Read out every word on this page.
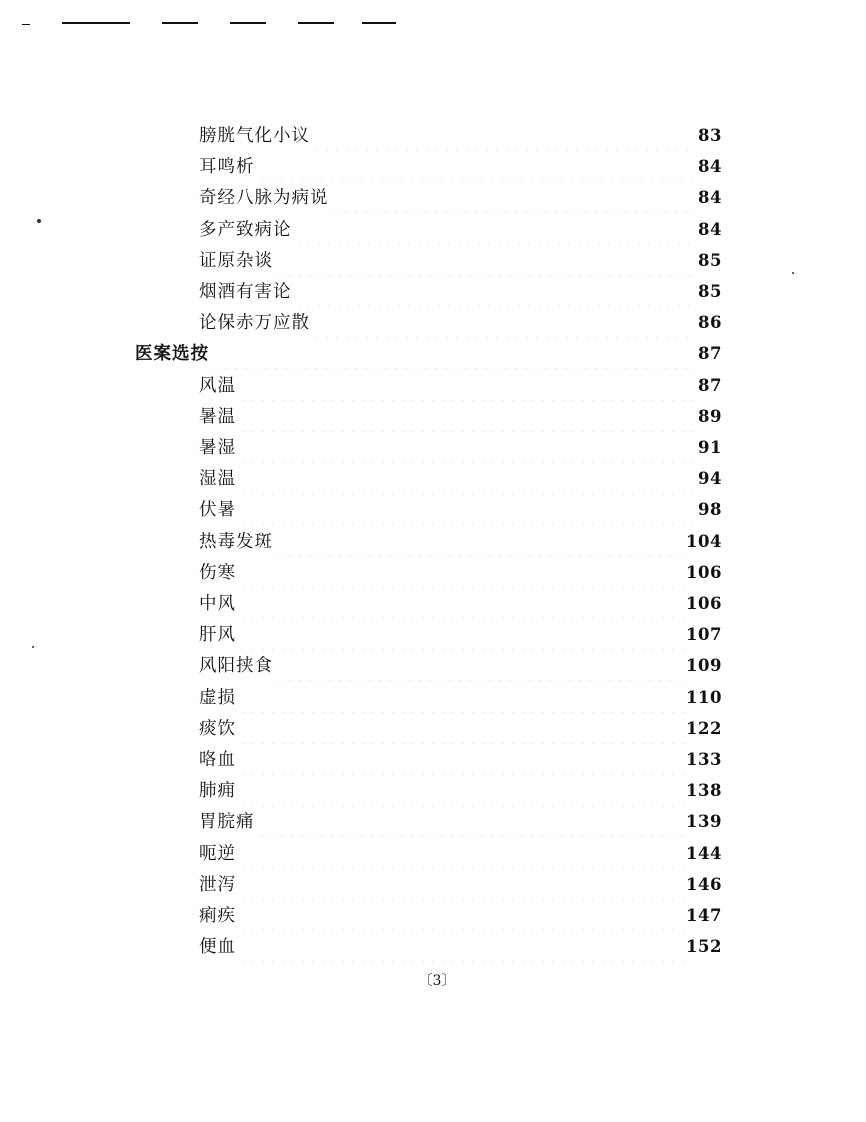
膀胱气化小议	83
耳鸣析	84
奇经八脉为病说	84
多产致病论	84
证原杂谈	85
烟酒有害论	85
论保赤万应散	86
医案选按	87
风温	87
暑温	89
暑湿	91
湿温	94
伏暑	98
热毒发斑	104
伤寒	106
中风	106
肝风	107
风阳挟食	109
虚损	110
痰饮	122
咯血	133
肺痈	138
胃脘痛	139
呃逆	144
泄泻	146
痢疾	147
便血	152
〔3〕
